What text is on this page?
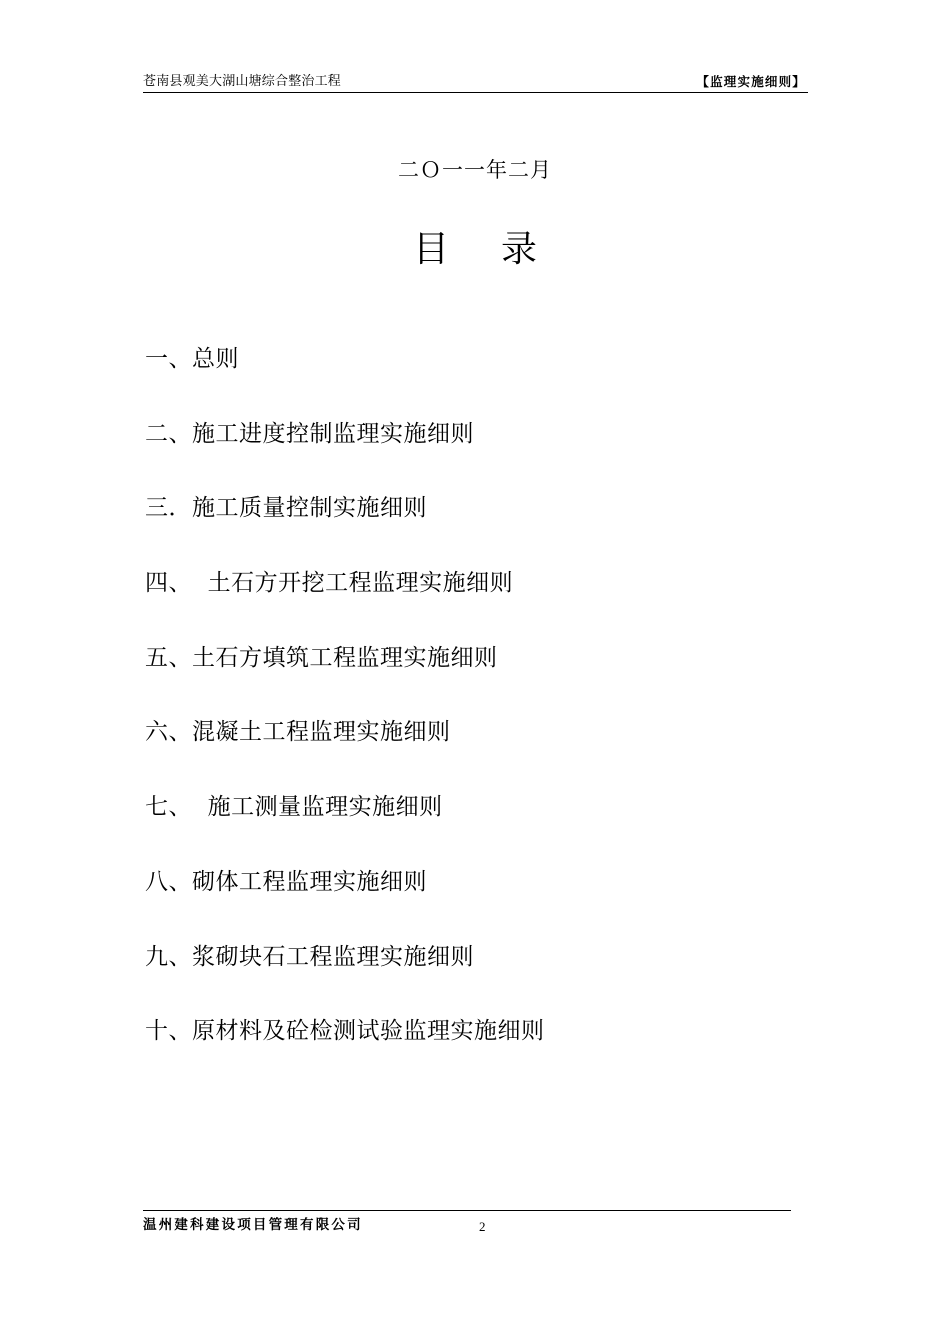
苍南县观美大湖山塘综合整治工程	【监理实施细则】
二Ｏ一一年二月
目 录
一、总则
二、施工进度控制监理实施细则
三．施工质量控制实施细则
四、  土石方开挖工程监理实施细则
五、土石方填筑工程监理实施细则
六、混凝土工程监理实施细则
七、  施工测量监理实施细则
八、砌体工程监理实施细则
九、浆砌块石工程监理实施细则
十、原材料及砼检测试验监理实施细则
温州建科建设项目管理有限公司	2
